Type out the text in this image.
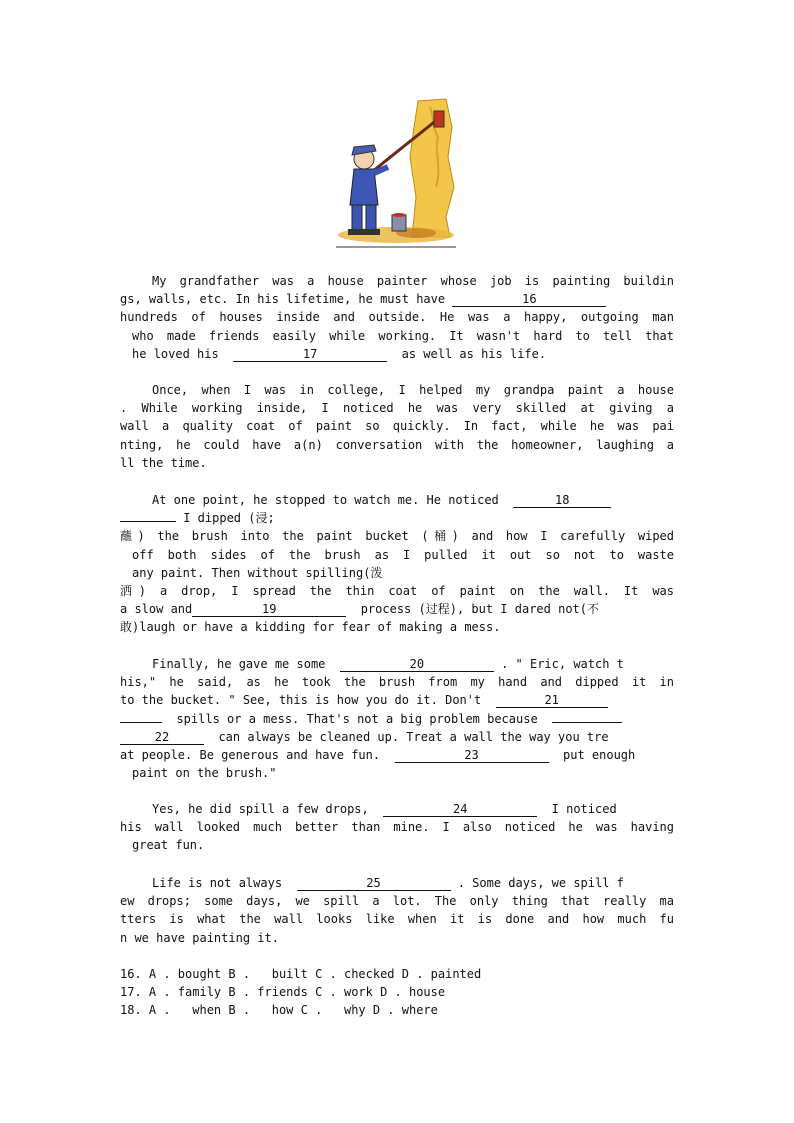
My grandfather was a house painter whose job is painting buildin
gs, walls, etc. In his lifetime, he must have	16
hundreds of houses inside and outside. He was a happy, outgoing man
who made friends easily while working. It wasn't hard to tell that
he loved his	17	as well as his life.
Once, when I was in college, I helped my grandpa paint a house
. While working inside, I noticed he was very skilled at giving a
wall a quality coat of paint so quickly. In fact, while he was pai
nting, he could have a(n) conversation with the homeowner, laughing a
ll the time.
At one point, he stopped to watch me. He noticed	18
I dipped (浸;
蘸) the brush into the paint bucket (桶) and how I carefully wiped
off both sides of the brush as I pulled it out so not to waste
any paint. Then without spilling(泼
洒) a drop, I spread the thin coat of paint on the wall. It was
a slow and	19	process (过程), but I dared not(不
敢)laugh or have a kidding for fear of making a mess.
Finally, he gave me some	20	. " Eric, watch t
his," he said, as he took the brush from my hand and dipped it in
to the bucket. " See, this is how you do it. Don't	21
spills or a mess. That's not a big problem because
22	can always be cleaned up. Treat a wall the way you tre
at people. Be generous and have fun.	23	put enough
paint on the brush."
Yes, he did spill a few drops,	24	I noticed
his wall looked much better than mine. I also noticed he was having
great fun.
Life is not always	25	. Some days, we spill f
ew drops; some days, we spill a lot. The only thing that really ma
tters is what the wall looks like when it is done and how much fu
n we have painting it.
16. A . bought B .   built C . checked D . painted
17. A . family B . friends C . work D . house
18. A .   when B .   how C .   why D . where
